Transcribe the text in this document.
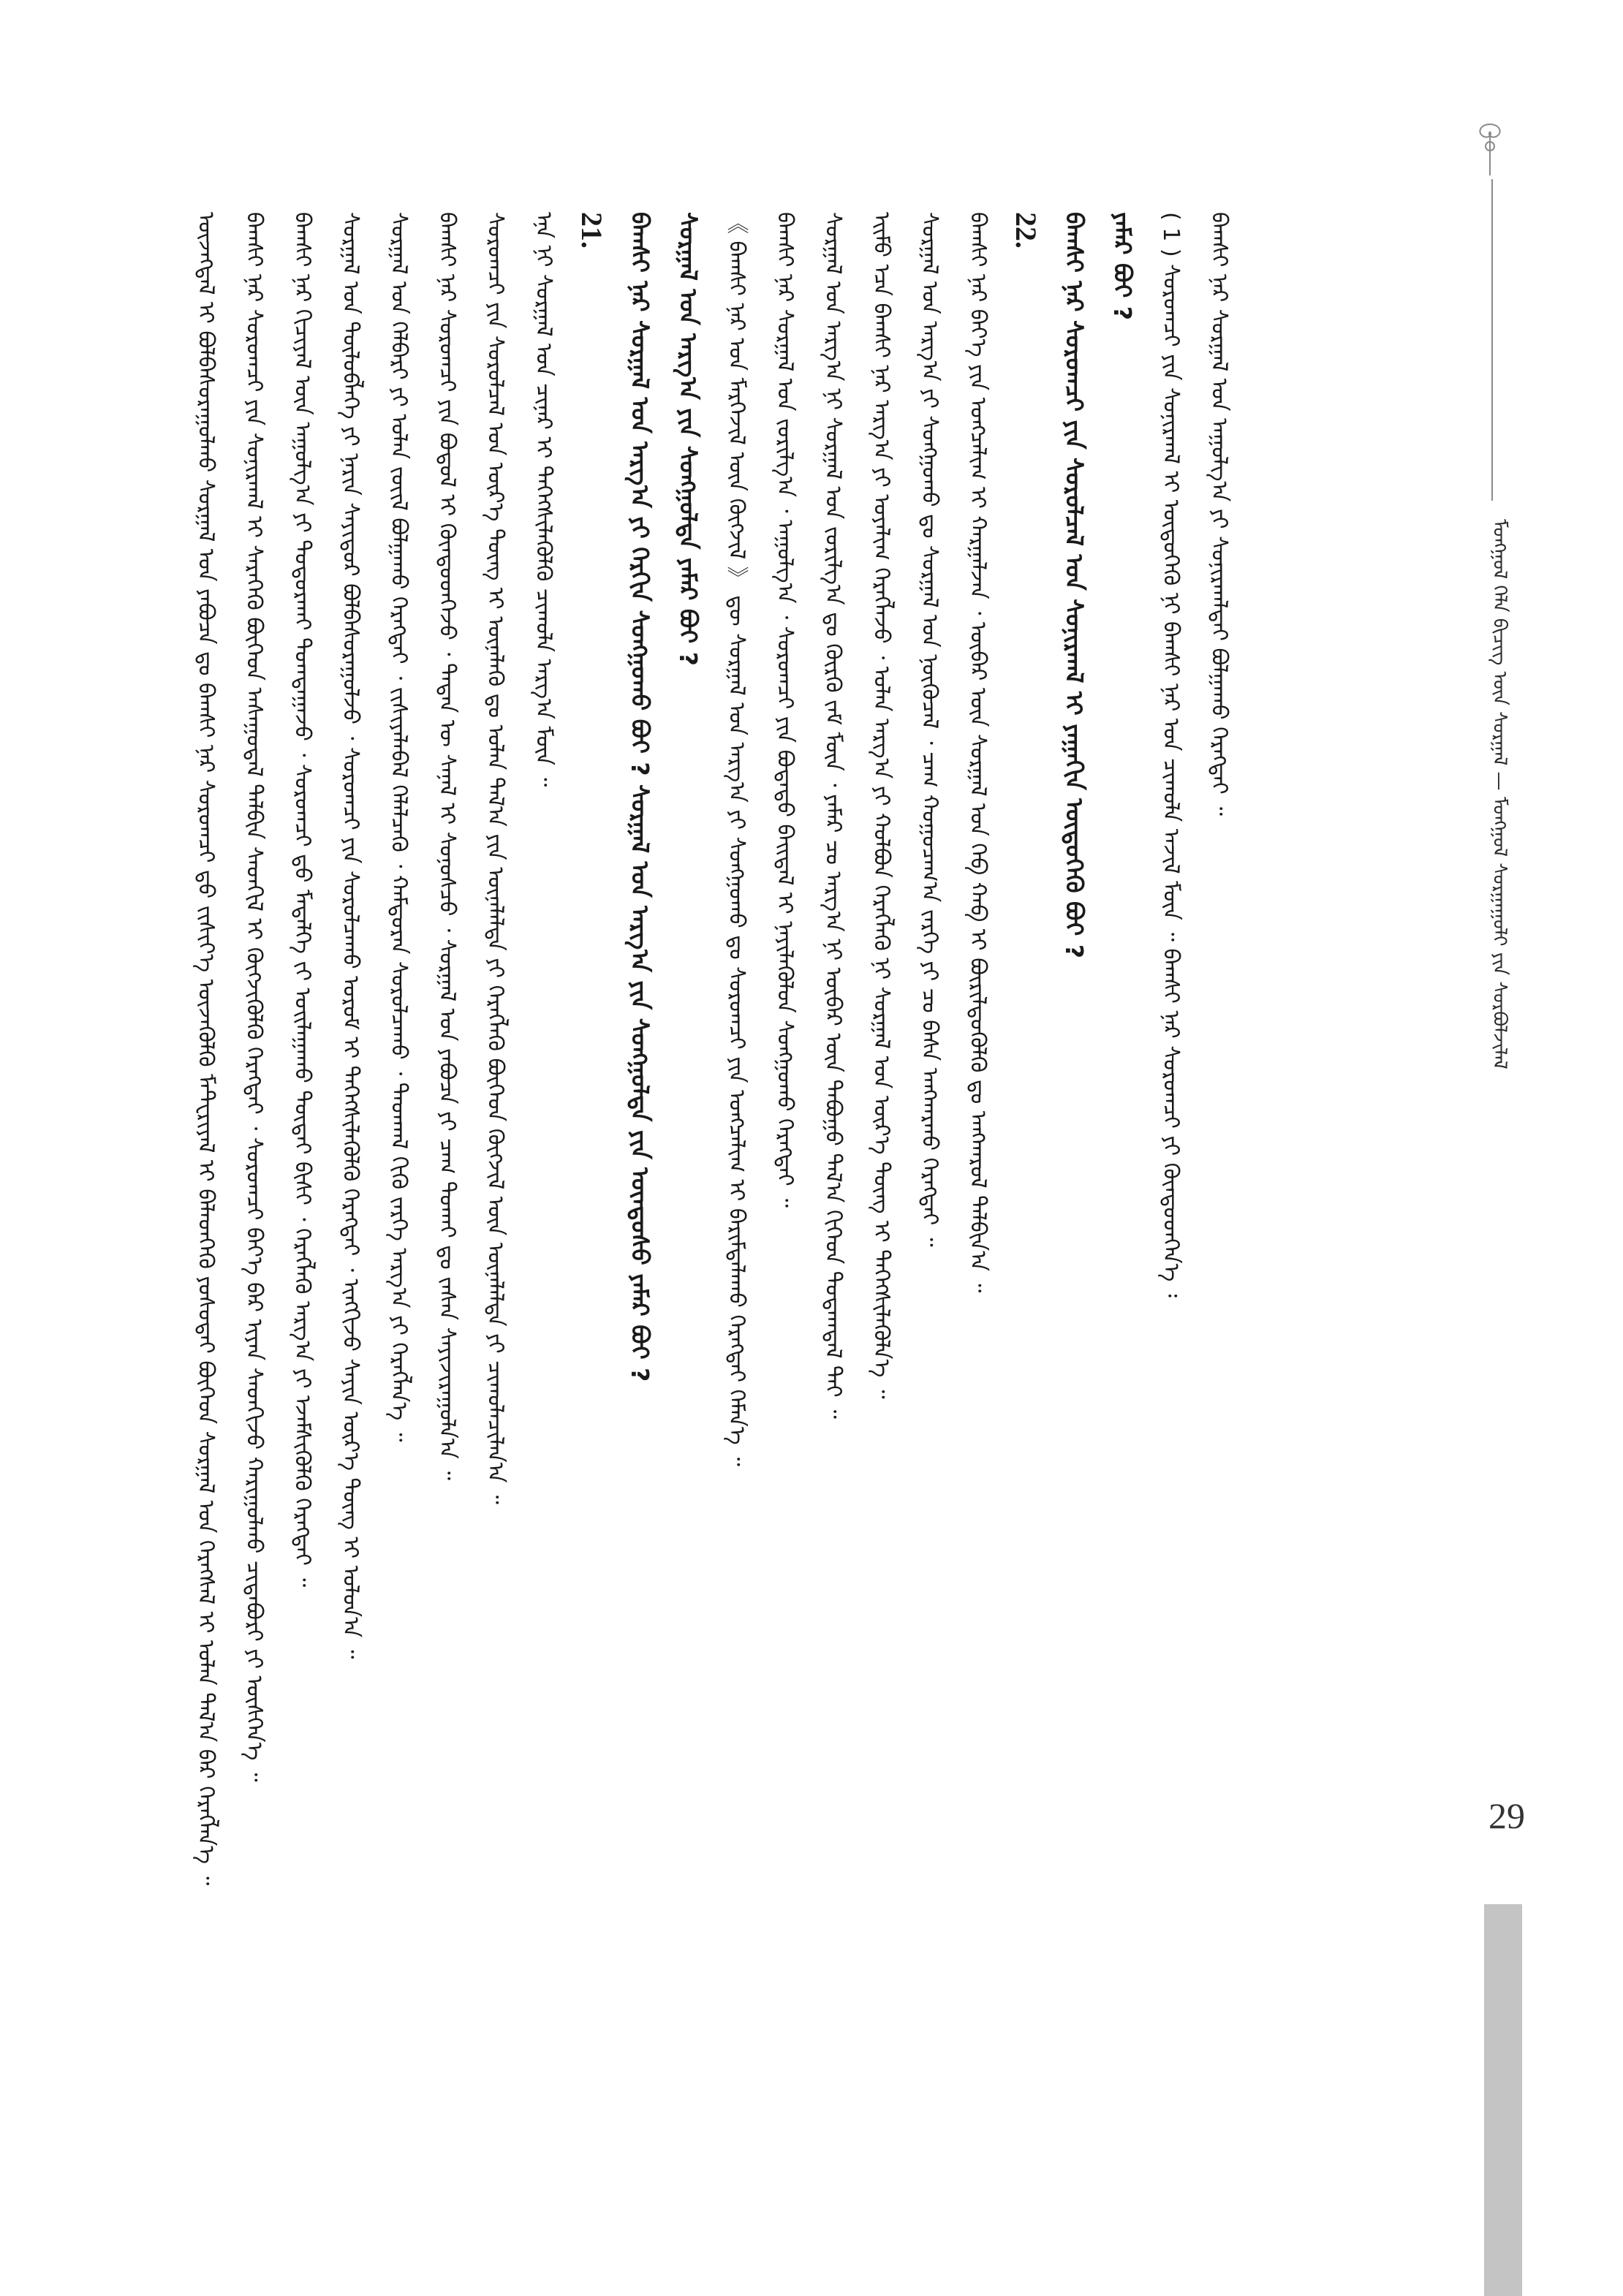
ᠮᠣᠩᠭᠣᠯ ᠬᠡᠯᠡ ᠪᠢᠴᠢᠭ ᠦᠨ ᠰᠤᠷᠭᠠᠯ — ᠮᠣᠩᠭᠣᠯ ᠰᠤᠷᠭᠠᠭᠤᠯᠢ ᠶᠢᠨ ᠰᠤᠷᠪᠤᠯᠵᠢᠯᠠᠯ
29
ᠦᠵᠡᠭᠳᠡᠯ ᠢ ᠪᠣᠯᠪᠠᠰᠤᠷᠠᠭᠤᠯᠬᠤ ᠰᠤᠷᠭᠠᠯ ᠤᠨ ᠶᠠᠪᠤᠴᠠ ᠳᠤ ᠪᠠᠭᠰᠢ ᠨᠠᠷ ᠰᠤᠷᠤᠭᠴᠢ ᠳ᠋ᠤ ᠵᠢᠱᠢᠶ᠎ᠡ ᠦᠵᠡᠭᠦᠯᠬᠦ ᠮᠠᠲᠸᠷᠢᠶᠠᠯ ᠢ ᠪᠡᠯᠡᠳᠭᠡᠬᠦ ᠶᠣᠰᠣᠲᠠᠢ ᠪᠥᠭᠡᠳ ᠰᠤᠷᠭᠠᠯ ᠤᠨ ᠬᠡᠷᠡᠭᠰᠡᠯ ᠢ ᠣᠯᠠᠨ ᠲᠠᠯ᠎ᠠ ᠪᠠᠷ ᠬᠡᠷᠡᠭᠯᠡᠨ᠎ᠡ ᠃	ᠪᠠᠭᠰᠢ ᠨᠠᠷ ᠰᠤᠷᠤᠭᠴᠢ ᠶᠢᠨ ᠰᠣᠨᠢᠷᠬᠠᠯ ᠢ ᠰᠡᠷᠡᠭᠡᠬᠦ ᠪᠥᠭᠡᠳ ᠠᠰᠠᠭᠤᠳᠠᠯ ᠲᠠᠯᠪᠢᠨ ᠰᠡᠳᠬᠢᠯ ᠢ ᠬᠥᠭᠵᠢᠭᠦᠯᠬᠦ ᠬᠡᠷᠡᠭᠲᠡᠢ ᠂ ᠰᠤᠷᠤᠭᠴᠢ ᠪᠡᠶ᠎ᠡ ᠪᠡᠷ ᠢᠶᠡᠨ ᠰᠡᠳᠬᠢᠵᠦ ᠬᠠᠷᠢᠭᠤᠯᠬᠤ ᠴᠢᠳᠠᠪᠤᠷᠢ ᠶᠢ ᠥᠰᠬᠡᠨ᠎ᠡ ᠃	ᠪᠠᠭᠰᠢ ᠨᠠᠷ ᠬᠢᠴᠢᠶᠡᠯ ᠦᠨ ᠠᠭᠤᠯᠭ᠎ᠠ ᠶᠢ ᠲᠣᠳᠣᠷᠬᠠᠢ ᠲᠣᠭᠲᠠᠭᠠᠵᠤ ᠂ ᠰᠤᠷᠤᠭᠴᠢ ᠳ᠋ᠤ ᠮᠡᠳᠡᠯᠭᠡ ᠵᠢ ᠣᠢᠯᠠᠭᠠᠬᠤ ᠲᠥᠳᠡᠢ ᠪᠢᠰᠢ ᠂ ᠬᠡᠷᠡᠭᠯᠡᠬᠦ ᠠᠷᠭ᠎ᠠ ᠶᠢ ᠡᠵᠡᠮᠰᠢᠭᠦᠯᠬᠦ ᠬᠡᠷᠡᠭᠲᠡᠢ ᠃	ᠰᠤᠷᠭᠠᠯ ᠤᠨ ᠲᠥᠯᠥᠪᠯᠡᠭᠡ ᠶᠢ ᠨᠠᠷᠢᠨ ᠰᠠᠶᠢᠲᠤᠷ ᠪᠣᠯᠪᠠᠰᠤᠷᠠᠭᠤᠯᠵᠤ ᠂ ᠰᠤᠷᠤᠭᠴᠢ ᠶᠢᠨ ᠰᠤᠷᠤᠯᠴᠠᠬᠤ ᠤᠷᠤᠮ ᠢ ᠳᠡᠭᠡᠭᠰᠢᠯᠡᠭᠦᠯᠬᠦ ᠬᠡᠷᠡᠭᠲᠡᠢ ᠂ ᠢᠩᠭᠢᠵᠦ ᠰᠠᠶᠢᠨ ᠦᠷ᠎ᠡ ᠳᠦᠩ ᠢ ᠣᠯᠤᠨ᠎ᠠ ᠃	ᠰᠤᠷᠭᠠᠯ ᠤᠨ ᠬᠡᠯᠪᠡᠷᠢ ᠶᠢ ᠣᠯᠠᠨ ᠵᠦᠢᠯ ᠪᠣᠯᠭᠠᠬᠤ ᠬᠡᠷᠡᠭᠲᠡᠢ ᠂ ᠵᠢᠱᠢᠶᠡᠯᠡᠪᠡᠯ ᠬᠡᠯᠡᠯᠴᠡᠬᠦ ᠂ ᠬᠠᠮᠲᠤᠷᠠᠨ ᠰᠤᠷᠤᠯᠴᠠᠬᠤ ᠂ ᠳᠠᠳᠬᠠᠯ ᠬᠢᠬᠦ ᠵᠡᠷᠭᠡ ᠠᠷᠭ᠎ᠠ ᠶᠢ ᠬᠡᠷᠡᠭᠯᠡᠨ᠎ᠡ ᠃	ᠪᠠᠭᠰᠢ ᠨᠠᠷ ᠰᠤᠷᠤᠭᠴᠢ ᠶᠢᠨ ᠪᠣᠳᠤᠯ ᠢ ᠬᠦᠨᠳᠦᠳᠭᠡᠵᠦ ᠂ ᠲᠡᠳᠡᠨ ᠦ ᠰᠠᠨᠠᠯ ᠢ ᠰᠣᠨᠣᠰᠴᠤ ᠂ ᠰᠤᠷᠭᠠᠯ ᠤᠨ ᠶᠠᠪᠤᠴᠠ ᠶᠢ ᠴᠠᠭ ᠲᠤᠬᠠᠢ ᠳᠤ ᠵᠠᠰᠠᠨ ᠰᠠᠶᠢᠵᠢᠷᠠᠭᠤᠯᠨ᠎ᠠ ᠃	ᠰᠤᠷᠤᠭᠴᠢ ᠶᠢᠨ ᠰᠤᠷᠤᠯᠴᠠᠯ ᠤᠨ ᠦᠷ᠎ᠡ ᠳᠦᠩ ᠢ ᠦᠨᠡᠯᠡᠬᠦ ᠳᠤ ᠣᠯᠠᠨ ᠲᠠᠯ᠎ᠠ ᠶᠢᠨ ᠦᠨᠡᠯᠡᠯᠲᠡ ᠶᠢ ᠬᠡᠷᠡᠭᠯᠡᠬᠦ ᠪᠥᠭᠡᠳ ᠬᠥᠭᠵᠢᠯ ᠦᠨ ᠦᠨᠡᠯᠡᠯᠲᠡ ᠶᠢ ᠴᠢᠬᠤᠯᠠᠴᠢᠯᠠᠨ᠎ᠠ ᠃	ᠡᠨᠡ ᠨᠢ ᠰᠤᠷᠭᠠᠯ ᠤᠨ ᠴᠢᠨᠠᠷ ᠢ ᠳᠡᠭᠡᠭᠰᠢᠯᠡᠭᠦᠯᠬᠦ ᠴᠢᠬᠤᠯᠠ ᠠᠷᠭ᠎ᠠ ᠮᠥᠨ ᠃ 21. ᠪᠠᠭᠰᠢ ᠨᠠᠷ ᠰᠤᠷᠭᠠᠯ ᠤᠨ ᠠᠷᠭ᠎ᠠ ᠶᠢ ᠬᠡᠷᠬᠢᠨ ᠰᠣᠩᠭᠣᠬᠤ ᠪᠤᠢ ? ᠰᠤᠷᠭᠠᠯ ᠤᠨ ᠠᠷᠭ᠎ᠠ ᠶᠢᠨ ᠰᠣᠩᠭᠣᠯᠲᠠ ᠶᠢᠨ ᠦᠨᠳᠦᠰᠦ ᠶᠠᠮᠠᠷ ᠪᠤᠢ ? ᠰᠤᠷᠭᠠᠯ ᠤᠨ ᠠᠷᠭ᠎ᠠ ᠶᠢᠨ ᠰᠣᠩᠭᠣᠯᠲᠠ ᠶᠠᠮᠠᠷ ᠪᠤᠢ ? 《 ᠪᠠᠭᠰᠢ ᠨᠠᠷ ᠤᠨ ᠮᠡᠷᠭᠡᠵᠢᠯ ᠦᠨ ᠬᠥᠭᠵᠢᠯ 》 ᠳᠦ ᠰᠤᠷᠭᠠᠯ ᠤᠨ ᠠᠷᠭ᠎ᠠ ᠶᠢ ᠰᠣᠩᠭᠣᠬᠤ ᠳᠤ ᠰᠤᠷᠤᠭᠴᠢ ᠶᠢᠨ ᠣᠩᠴᠠᠯᠢᠭ ᠢ ᠪᠠᠷᠢᠮᠲᠠᠯᠠᠬᠤ ᠬᠡᠷᠡᠭᠲᠡᠢ ᠬᠡᠮᠡᠨ᠎ᠡ ᠃	ᠪᠠᠭᠰᠢ ᠨᠠᠷ ᠰᠤᠷᠭᠠᠯ ᠤᠨ ᠵᠣᠷᠢᠯᠭ᠎ᠠ ᠂ ᠠᠭᠤᠯᠭ᠎ᠠ ᠂ ᠰᠤᠷᠤᠭᠴᠢ ᠶᠢᠨ ᠪᠣᠳᠠᠲᠤ ᠪᠠᠢᠳᠠᠯ ᠢ ᠨᠡᠶᠢᠯᠡᠭᠦᠯᠦᠨ ᠰᠣᠩᠭᠣᠬᠤ ᠬᠡᠷᠡᠭᠲᠡᠢ ᠃	ᠰᠤᠷᠭᠠᠯ ᠤᠨ ᠠᠷᠭ᠎ᠠ ᠨᠢ ᠰᠤᠷᠭᠠᠯ ᠤᠨ ᠵᠣᠷᠢᠯᠭ᠎ᠠ ᠳᠤ ᠬᠦᠷᠬᠦ ᠵᠠᠮ ᠮᠥᠨ ᠂ ᠶᠠᠮᠠᠷ ᠴᠤ ᠠᠷᠭ᠎ᠠ ᠨᠢ ᠥᠪᠡᠷ ᠦᠨ ᠳᠠᠪᠤᠭᠤ ᠲᠠᠯ᠎ᠠ ᠬᠢᠭᠡᠳ ᠳᠤᠲᠠᠭᠳᠠᠯ ᠲᠠᠢ ᠃	ᠡᠢᠮᠦ ᠡᠴᠡ ᠪᠠᠭᠰᠢ ᠨᠠᠷ ᠠᠷᠭ᠎ᠠ ᠶᠢ ᠤᠶᠠᠯᠢᠭ ᠬᠡᠷᠡᠭᠯᠡᠵᠦ ᠂ ᠣᠯᠠᠨ ᠠᠷᠭ᠎ᠠ ᠶᠢ ᠬᠣᠯᠪᠤᠨ ᠬᠡᠷᠡᠭᠯᠡᠬᠦ ᠨᠢ ᠰᠤᠷᠭᠠᠯ ᠤᠨ ᠦᠷ᠎ᠡ ᠳᠦᠩ ᠢ ᠳᠡᠭᠡᠭᠰᠢᠯᠡᠭᠦᠯᠨ᠎ᠡ ᠃	ᠰᠤᠷᠭᠠᠯ ᠤᠨ ᠠᠷᠭ᠎ᠠ ᠶᠢ ᠰᠣᠩᠭᠣᠬᠤ ᠳᠤ ᠰᠤᠷᠭᠠᠯ ᠤᠨ ᠨᠥᠬᠦᠴᠡᠯ ᠂ ᠴᠠᠭ ᠬᠤᠭᠤᠴᠠᠭ᠎ᠠ ᠵᠡᠷᠭᠡ ᠶᠢ ᠴᠤ ᠪᠠᠰᠠ ᠠᠩᠬᠠᠷᠬᠤ ᠬᠡᠷᠡᠭᠲᠡᠢ ᠃	ᠪᠠᠭᠰᠢ ᠨᠠᠷ ᠪᠡᠶ᠎ᠡ ᠶᠢᠨ ᠣᠩᠴᠠᠯᠢᠭ ᠢ ᠬᠠᠷᠭᠠᠯᠵᠠᠨ ᠂ ᠥᠪᠡᠷ ᠦᠨ ᠰᠤᠷᠭᠠᠯ ᠤᠨ ᠬᠡᠪ ᠬᠠᠪ ᠢ ᠪᠦᠷᠢᠯᠳᠦᠭᠦᠯᠬᠦ ᠳᠤ ᠠᠩᠬᠠᠷᠤᠯ ᠲᠠᠯᠪᠢᠨ᠎ᠠ ᠃ 22. ᠪᠠᠭᠰᠢ ᠨᠠᠷ ᠰᠤᠷᠤᠭᠴᠢ ᠶᠢᠨ ᠰᠤᠷᠤᠯᠴᠠᠯ ᠤᠨ ᠰᠣᠨᠢᠷᠬᠠᠯ ᠢ ᠶᠠᠭᠠᠬᠢᠨ ᠥᠳᠥᠭᠡᠬᠦ ᠪᠤᠢ ? ᠶᠠᠮᠠᠷ ᠪᠤᠢ ? ( 1 ) ᠰᠤᠷᠤᠭᠴᠢ ᠶᠢᠨ ᠰᠣᠨᠢᠷᠬᠠᠯ ᠢ ᠥᠳᠥᠭᠡᠬᠦ ᠨᠢ ᠪᠠᠭᠰᠢ ᠨᠠᠷ ᠤᠨ ᠴᠢᠬᠤᠯᠠ ᠠᠵᠢᠯ ᠮᠥᠨ ᠃ ᠪᠠᠭᠰᠢ ᠨᠠᠷ ᠰᠤᠷᠤᠭᠴᠢ ᠶᠢ ᠬᠦᠨᠳᠦᠳᠭᠡᠨ᠎ᠡ ᠄	ᠪᠠᠭᠰᠢ ᠨᠠᠷ ᠰᠤᠷᠭᠠᠯ ᠤᠨ ᠠᠭᠤᠯᠭ᠎ᠠ ᠶᠢ ᠰᠣᠨᠢᠷᠬᠠᠯᠲᠠᠢ ᠪᠣᠯᠭᠠᠬᠤ ᠬᠡᠷᠡᠭᠲᠡᠢ ᠃
